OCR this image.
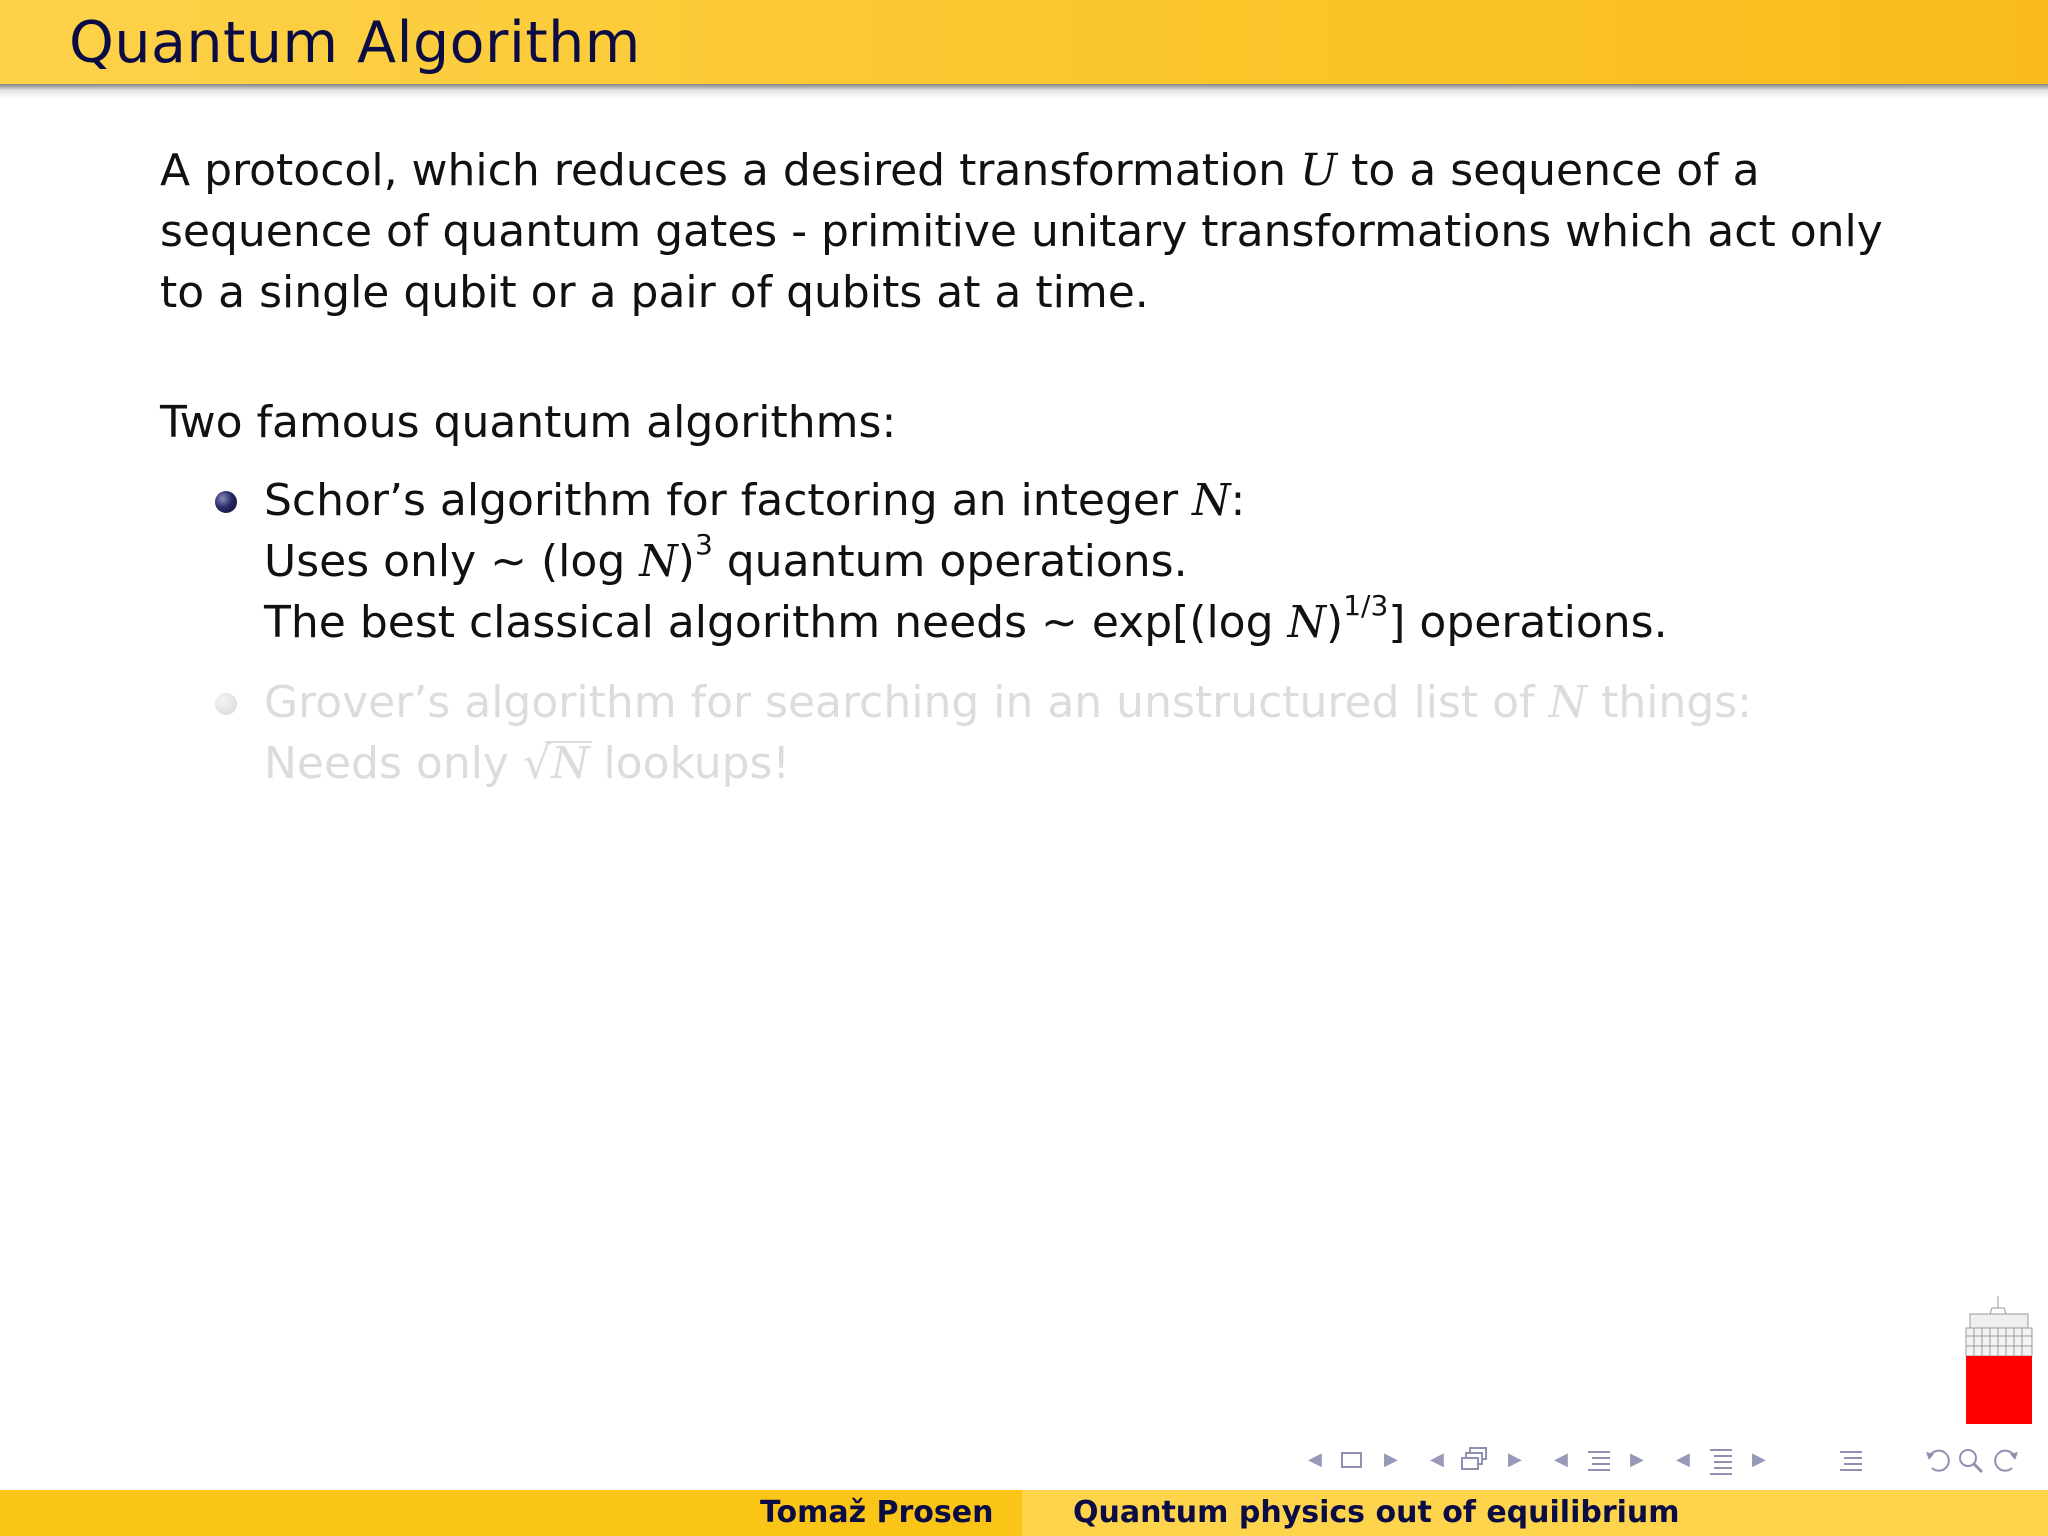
Quantum Algorithm
A protocol, which reduces a desired transformation U to a sequence of a
sequence of quantum gates - primitive unitary transformations which act only
to a single qubit or a pair of qubits at a time.
Two famous quantum algorithms:
Schor’s algorithm for factoring an integer N:
Uses only ∼ (log N)$^3$ quantum operations.
The best classical algorithm needs ∼ exp[(log N)$^{1/3}$] operations.
Grover’s algorithm for searching in an unstructured list of N things:
Needs only √N
lookups!
◀	▶ ◀	▶ ◀	▶ ◀	▶
Tomaž Prosen	Quantum physics out of equilibrium
